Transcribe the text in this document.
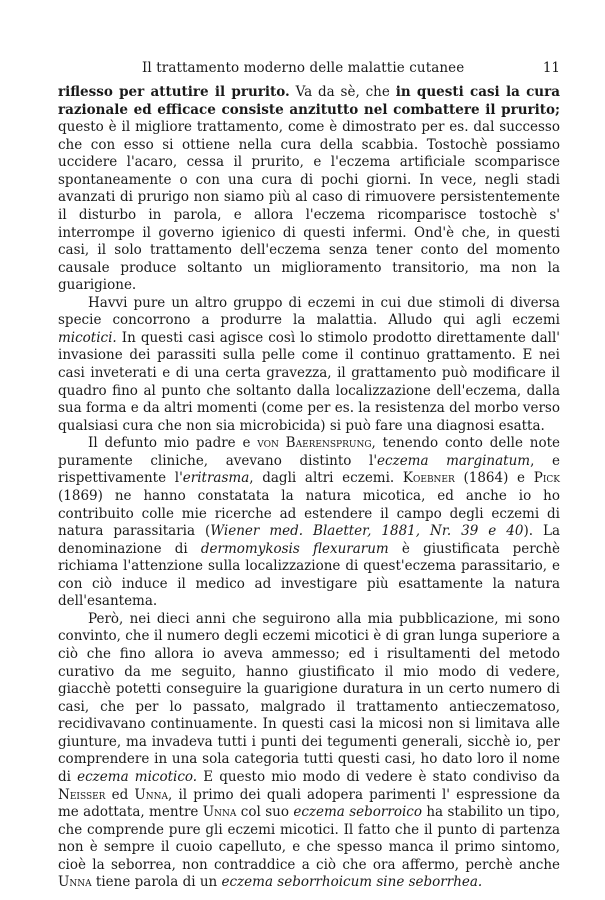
Il trattamento moderno delle malattie cutanee	11

riflesso per attutire il prurito. Va da sè, che in questi casi la cura razionale ed efficace consiste anzitutto nel combattere il prurito; questo è il migliore trattamento, come è dimostrato per es. dal successo che con esso si ottiene nella cura della scabbia. Tostochè possiamo uccidere l'acaro, cessa il prurito, e l'eczema artificiale scomparisce spontaneamente o con una cura di pochi giorni. In vece, negli stadi avanzati di prurigo non siamo più al caso di rimuovere persistentemente il disturbo in parola, e allora l'eczema ricomparisce tostochè s' interrompe il governo igienico di questi infermi. Ond'è che, in questi casi, il solo trattamento dell'eczema senza tener conto del momento causale produce soltanto un miglioramento transitorio, ma non la guarigione.

Havvi pure un altro gruppo di eczemi in cui due stimoli di diversa specie concorrono a produrre la malattia. Alludo qui agli eczemi micotici. In questi casi agisce così lo stimolo prodotto direttamente dall' invasione dei parassiti sulla pelle come il continuo grattamento. E nei casi inveterati e di una certa gravezza, il grattamento può modificare il quadro fino al punto che soltanto dalla localizzazione dell'eczema, dalla sua forma e da altri momenti (come per es. la resistenza del morbo verso qualsiasi cura che non sia microbicida) si può fare una diagnosi esatta.

Il defunto mio padre e von Baerensprung, tenendo conto delle note puramente cliniche, avevano distinto l'eczema marginatum, e rispettivamente l'eritrasma, dagli altri eczemi. Koebner (1864) e Pick (1869) ne hanno constatata la natura micotica, ed anche io ho contribuito colle mie ricerche ad estendere il campo degli eczemi di natura parassitaria (Wiener med. Blaetter, 1881, Nr. 39 e 40). La denominazione di dermomykosis flexurarum è giustificata perchè richiama l'attenzione sulla localizzazione di quest'eczema parassitario, e con ciò induce il medico ad investigare più esattamente la natura dell'esantema.

Però, nei dieci anni che seguirono alla mia pubblicazione, mi sono convinto, che il numero degli eczemi micotici è di gran lunga superiore a ciò che fino allora io aveva ammesso; ed i risultamenti del metodo curativo da me seguito, hanno giustificato il mio modo di vedere, giacchè potetti conseguire la guarigione duratura in un certo numero di casi, che per lo passato, malgrado il trattamento antieczematoso, recidivavano continuamente. In questi casi la micosi non si limitava alle giunture, ma invadeva tutti i punti dei tegumenti generali, sicchè io, per comprendere in una sola categoria tutti questi casi, ho dato loro il nome di eczema micotico. E questo mio modo di vedere è stato condiviso da Neisser ed Unna, il primo dei quali adopera parimenti l' espressione da me adottata, mentre Unna col suo eczema seborroico ha stabilito un tipo, che comprende pure gli eczemi micotici. Il fatto che il punto di partenza non è sempre il cuoio capelluto, e che spesso manca il primo sintomo, cioè la seborrea, non contraddice a ciò che ora affermo, perchè anche Unna tiene parola di un eczema seborrhoicum sine seborrhea.
